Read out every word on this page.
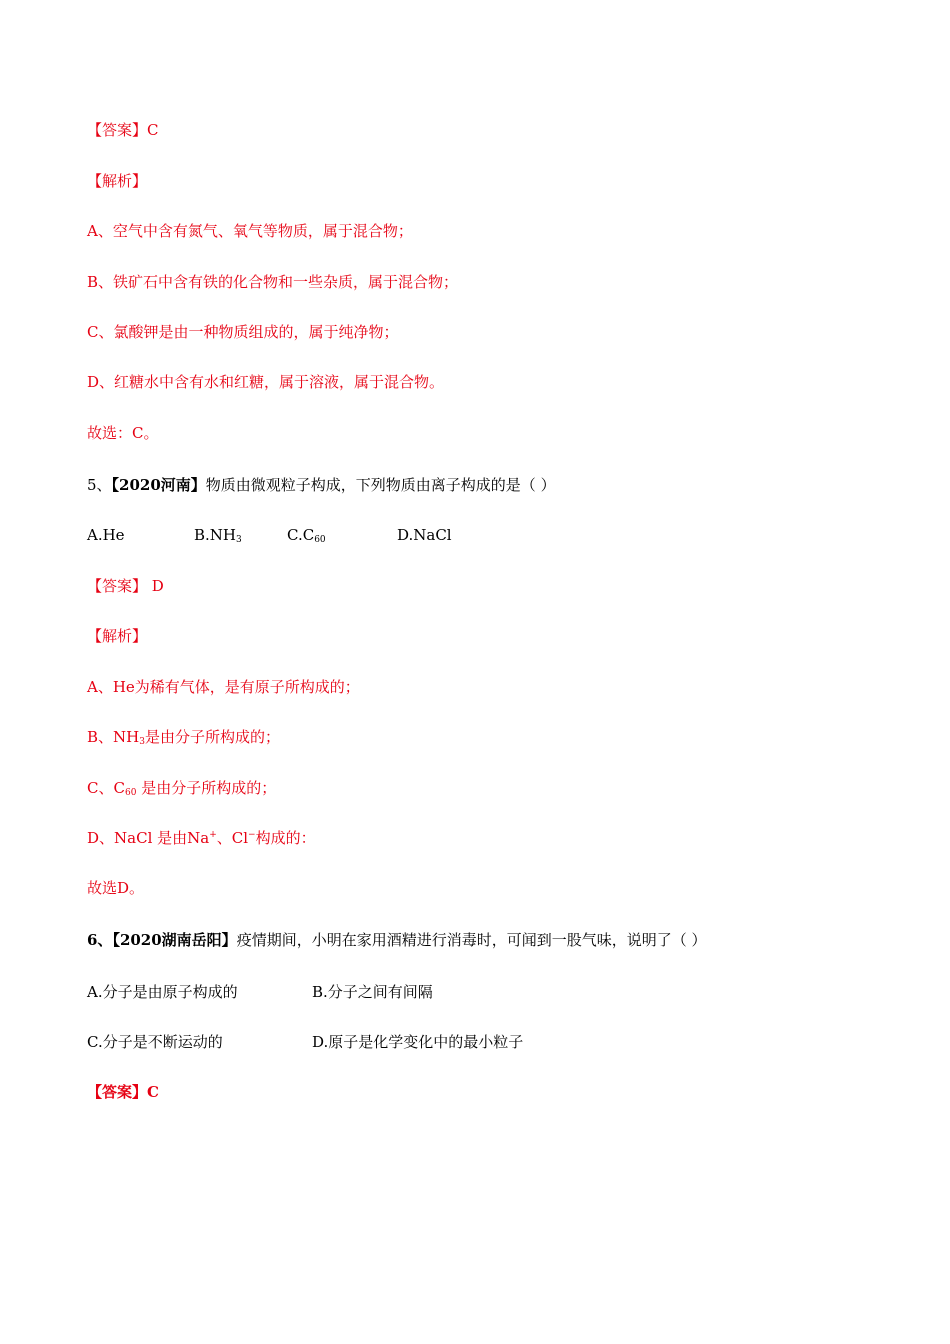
【答案】C
【解析】
A、空气中含有氮气、氧气等物质，属于混合物；
B、铁矿石中含有铁的化合物和一些杂质，属于混合物；
C、氯酸钾是由一种物质组成的，属于纯净物；
D、红糖水中含有水和红糖，属于溶液，属于混合物。
故选：C。
5、【2020河南】物质由微观粒子构成，下列物质由离子构成的是（ ）
A.He	$B.NH_3$	$C.C_{60}$	D.NaCl
【答案】 D
【解析】
A、He为稀有气体，是有原子所构成的；
B、$NH_3$是由分子所构成的；
C、$C_{60}$ 是由分子所构成的；
D、NaCl 是由Na+、Cl−构成的：
故选D。
6、【2020湖南岳阳】疫情期间，小明在家用酒精进行消毒时，可闻到一股气味，说明了（ ）
A.分子是由原子构成的	B.分子之间有间隔
C.分子是不断运动的	D.原子是化学变化中的最小粒子
【答案】C
